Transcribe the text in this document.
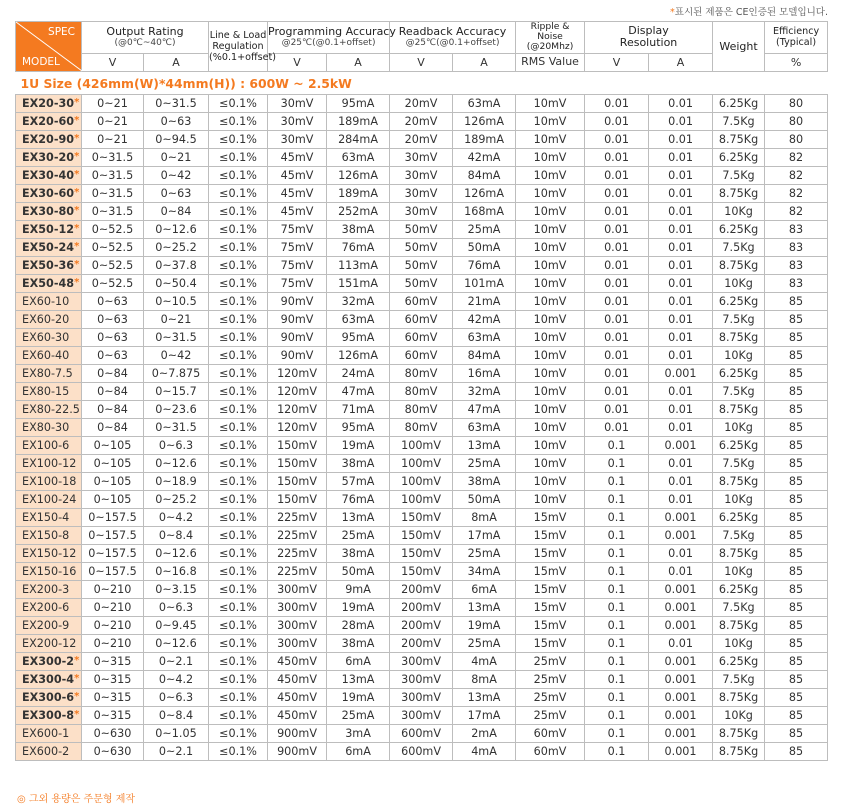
*표시된 제품은 CE인증된 모델입니다.
SPEC
MODEL	Output Rating
(@0℃~40℃)		Line & Load
Regulation
(%0.1+offset)	Programming Accuracy
@25℃(@0.1+offset)		Readback Accuracy
@25℃(@0.1+offset)		Ripple &
Noise
(@20Mhz)	Display
Resolution		Weight	Efficiency
(Typical)
	V	A		V	A	V	A	RMS Value	V	A		%
1U Size (426mm(W)*44mm(H)) : 600W ~ 2.5kW												
EX20-30*	0~21	0~31.5	≤0.1%	30mV	95mA	20mV	63mA	10mV	0.01	0.01	6.25Kg	80
EX20-60*	0~21	0~63	≤0.1%	30mV	189mA	20mV	126mA	10mV	0.01	0.01	7.5Kg	80
EX20-90*	0~21	0~94.5	≤0.1%	30mV	284mA	20mV	189mA	10mV	0.01	0.01	8.75Kg	80
EX30-20*	0~31.5	0~21	≤0.1%	45mV	63mA	30mV	42mA	10mV	0.01	0.01	6.25Kg	82
EX30-40*	0~31.5	0~42	≤0.1%	45mV	126mA	30mV	84mA	10mV	0.01	0.01	7.5Kg	82
EX30-60*	0~31.5	0~63	≤0.1%	45mV	189mA	30mV	126mA	10mV	0.01	0.01	8.75Kg	82
EX30-80*	0~31.5	0~84	≤0.1%	45mV	252mA	30mV	168mA	10mV	0.01	0.01	10Kg	82
EX50-12*	0~52.5	0~12.6	≤0.1%	75mV	38mA	50mV	25mA	10mV	0.01	0.01	6.25Kg	83
EX50-24*	0~52.5	0~25.2	≤0.1%	75mV	76mA	50mV	50mA	10mV	0.01	0.01	7.5Kg	83
EX50-36*	0~52.5	0~37.8	≤0.1%	75mV	113mA	50mV	76mA	10mV	0.01	0.01	8.75Kg	83
EX50-48*	0~52.5	0~50.4	≤0.1%	75mV	151mA	50mV	101mA	10mV	0.01	0.01	10Kg	83
EX60-10	0~63	0~10.5	≤0.1%	90mV	32mA	60mV	21mA	10mV	0.01	0.01	6.25Kg	85
EX60-20	0~63	0~21	≤0.1%	90mV	63mA	60mV	42mA	10mV	0.01	0.01	7.5Kg	85
EX60-30	0~63	0~31.5	≤0.1%	90mV	95mA	60mV	63mA	10mV	0.01	0.01	8.75Kg	85
EX60-40	0~63	0~42	≤0.1%	90mV	126mA	60mV	84mA	10mV	0.01	0.01	10Kg	85
EX80-7.5	0~84	0~7.875	≤0.1%	120mV	24mA	80mV	16mA	10mV	0.01	0.001	6.25Kg	85
EX80-15	0~84	0~15.7	≤0.1%	120mV	47mA	80mV	32mA	10mV	0.01	0.01	7.5Kg	85
EX80-22.5	0~84	0~23.6	≤0.1%	120mV	71mA	80mV	47mA	10mV	0.01	0.01	8.75Kg	85
EX80-30	0~84	0~31.5	≤0.1%	120mV	95mA	80mV	63mA	10mV	0.01	0.01	10Kg	85
EX100-6	0~105	0~6.3	≤0.1%	150mV	19mA	100mV	13mA	10mV	0.1	0.001	6.25Kg	85
EX100-12	0~105	0~12.6	≤0.1%	150mV	38mA	100mV	25mA	10mV	0.1	0.01	7.5Kg	85
EX100-18	0~105	0~18.9	≤0.1%	150mV	57mA	100mV	38mA	10mV	0.1	0.01	8.75Kg	85
EX100-24	0~105	0~25.2	≤0.1%	150mV	76mA	100mV	50mA	10mV	0.1	0.01	10Kg	85
EX150-4	0~157.5	0~4.2	≤0.1%	225mV	13mA	150mV	8mA	15mV	0.1	0.001	6.25Kg	85
EX150-8	0~157.5	0~8.4	≤0.1%	225mV	25mA	150mV	17mA	15mV	0.1	0.001	7.5Kg	85
EX150-12	0~157.5	0~12.6	≤0.1%	225mV	38mA	150mV	25mA	15mV	0.1	0.01	8.75Kg	85
EX150-16	0~157.5	0~16.8	≤0.1%	225mV	50mA	150mV	34mA	15mV	0.1	0.01	10Kg	85
EX200-3	0~210	0~3.15	≤0.1%	300mV	9mA	200mV	6mA	15mV	0.1	0.001	6.25Kg	85
EX200-6	0~210	0~6.3	≤0.1%	300mV	19mA	200mV	13mA	15mV	0.1	0.001	7.5Kg	85
EX200-9	0~210	0~9.45	≤0.1%	300mV	28mA	200mV	19mA	15mV	0.1	0.001	8.75Kg	85
EX200-12	0~210	0~12.6	≤0.1%	300mV	38mA	200mV	25mA	15mV	0.1	0.01	10Kg	85
EX300-2*	0~315	0~2.1	≤0.1%	450mV	6mA	300mV	4mA	25mV	0.1	0.001	6.25Kg	85
EX300-4*	0~315	0~4.2	≤0.1%	450mV	13mA	300mV	8mA	25mV	0.1	0.001	7.5Kg	85
EX300-6*	0~315	0~6.3	≤0.1%	450mV	19mA	300mV	13mA	25mV	0.1	0.001	8.75Kg	85
EX300-8*	0~315	0~8.4	≤0.1%	450mV	25mA	300mV	17mA	25mV	0.1	0.001	10Kg	85
EX600-1	0~630	0~1.05	≤0.1%	900mV	3mA	600mV	2mA	60mV	0.1	0.001	8.75Kg	85
EX600-2	0~630	0~2.1	≤0.1%	900mV	6mA	600mV	4mA	60mV	0.1	0.001	8.75Kg	85
◎ 그외 용량은 주문형 제작
